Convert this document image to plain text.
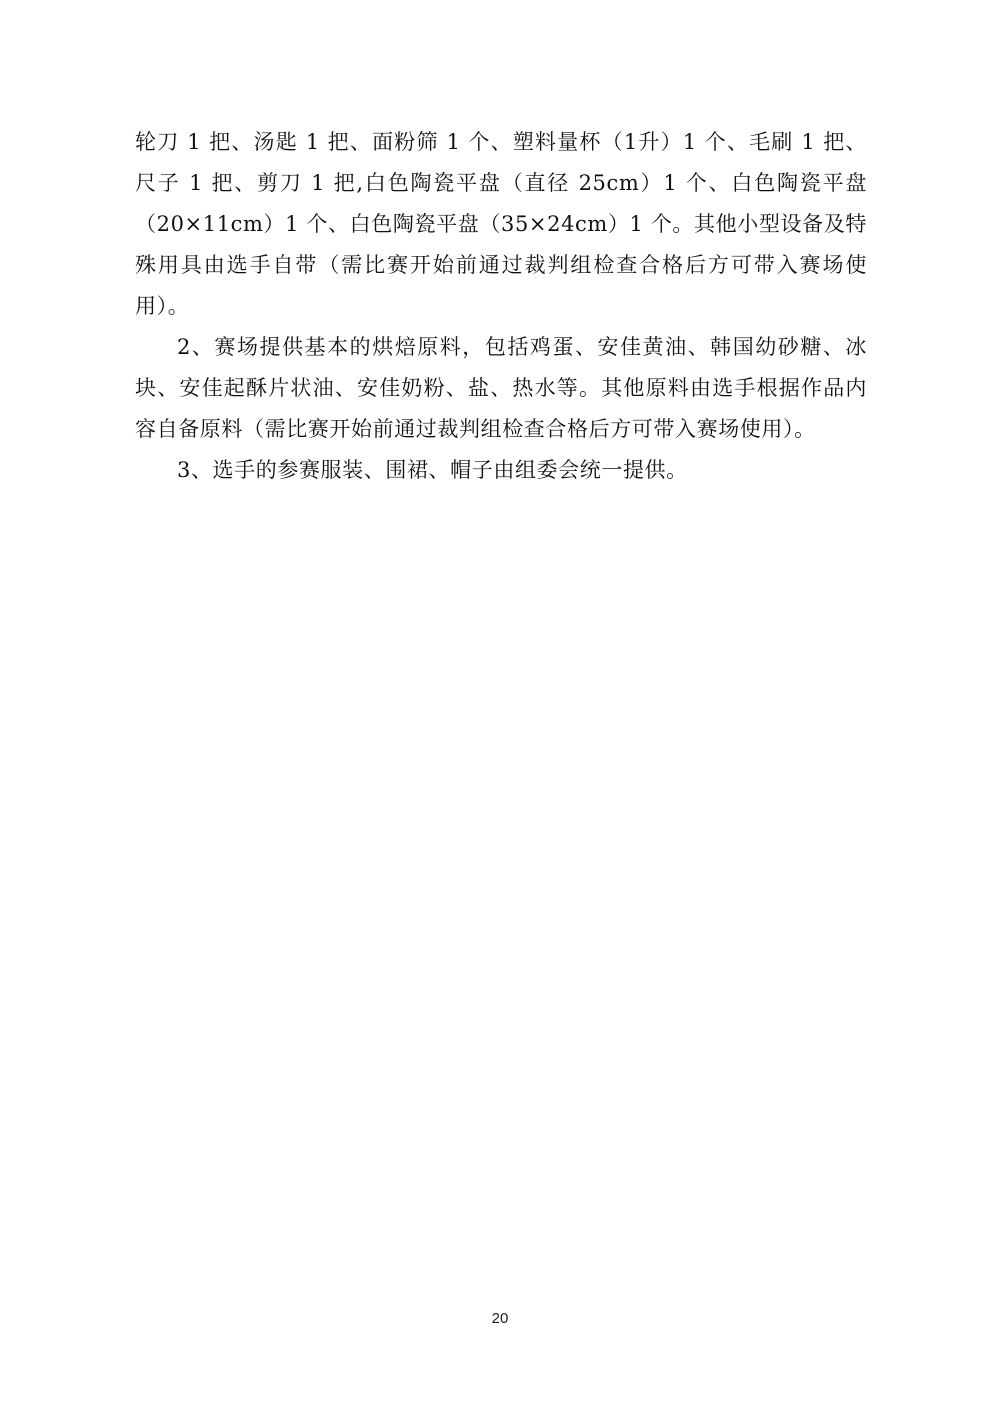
轮刀 1 把、汤匙 1 把、面粉筛 1 个、塑料量杯（1升）1 个、毛刷 1 把、尺子 1 把、剪刀 1 把,白色陶瓷平盘（直径 25cm）1 个、白色陶瓷平盘（20×11cm）1 个、白色陶瓷平盘（35×24cm）1 个。其他小型设备及特殊用具由选手自带（需比赛开始前通过裁判组检查合格后方可带入赛场使用）。

2、赛场提供基本的烘焙原料，包括鸡蛋、安佳黄油、韩国幼砂糖、冰块、安佳起酥片状油、安佳奶粉、盐、热水等。其他原料由选手根据作品内容自备原料（需比赛开始前通过裁判组检查合格后方可带入赛场使用）。

3、选手的参赛服装、围裙、帽子由组委会统一提供。

20
